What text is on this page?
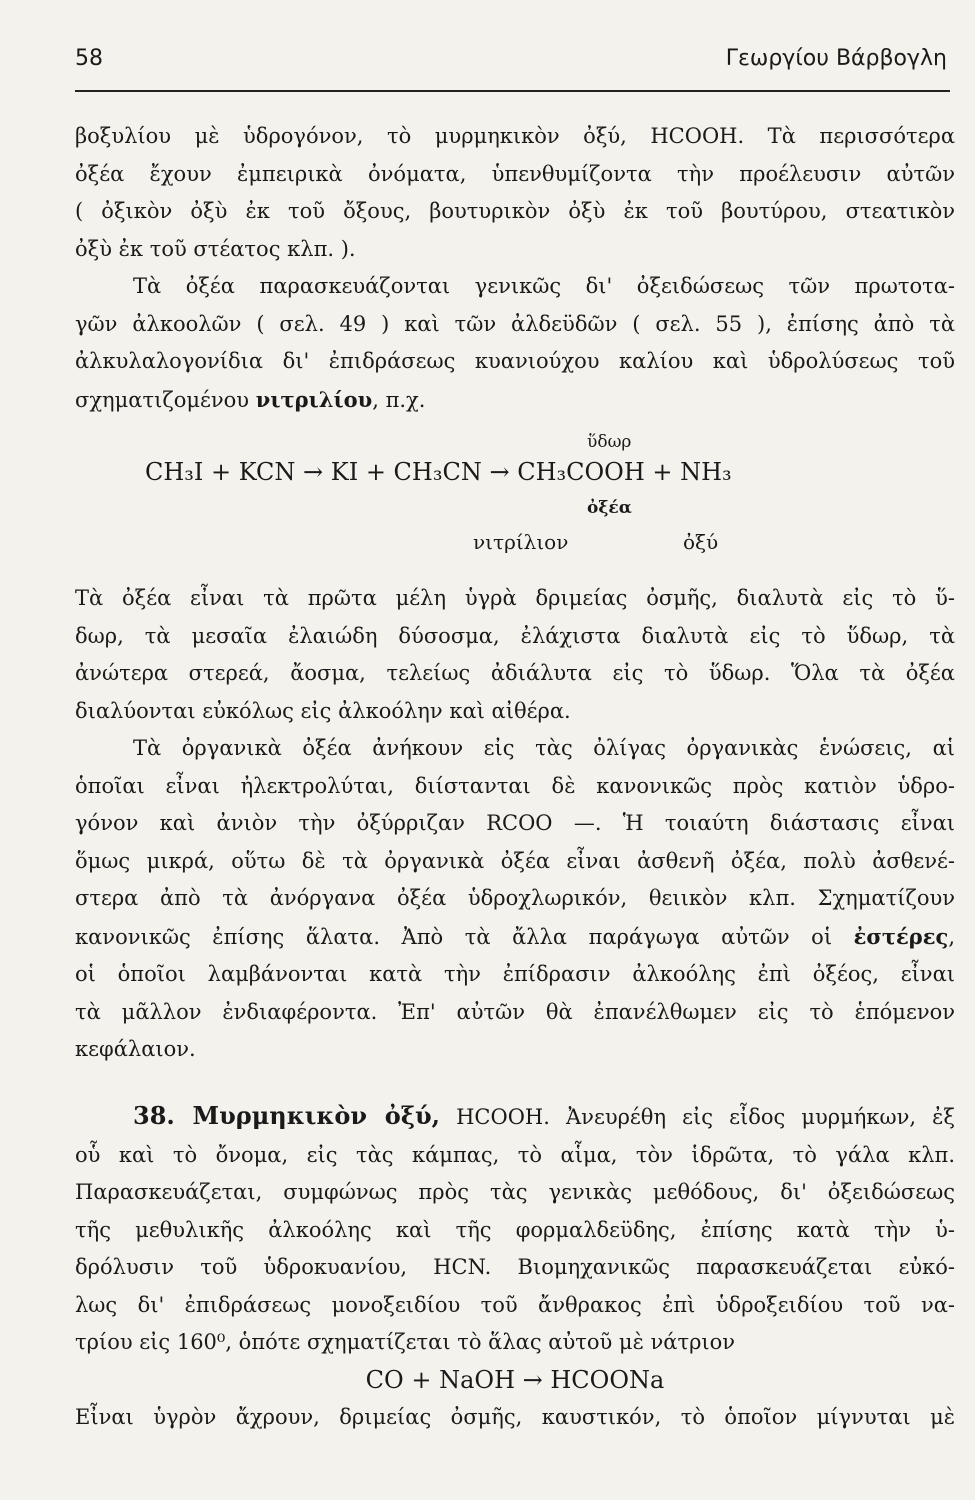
58	Γεωργίου Βάρβογλη
βοξυλίου μὲ ὑδρογόνον, τὸ μυρμηκικὸν ὀξύ, HCOOH. Τὰ περισσότερα
ὀξέα ἔχουν ἐμπειρικὰ ὀνόματα, ὑπενθυμίζοντα τὴν προέλευσιν αὐτῶν
( ὀξικὸν ὀξὺ ἐκ τοῦ ὄξους, βουτυρικὸν ὀξὺ ἐκ τοῦ βουτύρου, στεατικὸν
ὀξὺ ἐκ τοῦ στέατος κλπ. ).
Τὰ ὀξέα παρασκευάζονται γενικῶς δι' ὀξειδώσεως τῶν πρωτοτα-
γῶν ἀλκοολῶν ( σελ. 49 ) καὶ τῶν ἀλδεϋδῶν ( σελ. 55 ), ἐπίσης ἀπὸ τὰ
ἀλκυλαλογονίδια δι' ἐπιδράσεως κυανιούχου καλίου καὶ ὑδρολύσεως τοῦ
σχηματιζομένου νιτριλίου, π.χ.
ὕδωρ
CH₃I + KCN → KI + CH₃CN → CH₃COOH + NH₃
ὀξέα
νιτρίλιον	ὀξύ
Τὰ ὀξέα εἶναι τὰ πρῶτα μέλη ὑγρὰ δριμείας ὀσμῆς, διαλυτὰ εἰς τὸ ὕ-
δωρ, τὰ μεσαῖα ἐλαιώδη δύσοσμα, ἐλάχιστα διαλυτὰ εἰς τὸ ὕδωρ, τὰ
ἀνώτερα στερεά, ἄοσμα, τελείως ἀδιάλυτα εἰς τὸ ὕδωρ. Ὅλα τὰ ὀξέα
διαλύονται εὐκόλως εἰς ἀλκοόλην καὶ αἰθέρα.
Τὰ ὀργανικὰ ὀξέα ἀνήκουν εἰς τὰς ὀλίγας ὀργανικὰς ἑνώσεις, αἱ
ὁποῖαι εἶναι ἠλεκτρολύται, διίστανται δὲ κανονικῶς πρὸς κατιὸν ὑδρο-
γόνον καὶ ἀνιὸν τὴν ὀξύρριζαν RCOO —. Ἡ τοιαύτη διάστασις εἶναι
ὅμως μικρά, οὕτω δὲ τὰ ὀργανικὰ ὀξέα εἶναι ἀσθενῆ ὀξέα, πολὺ ἀσθενέ-
στερα ἀπὸ τὰ ἀνόργανα ὀξέα ὑδροχλωρικόν, θειικὸν κλπ. Σχηματίζουν
κανονικῶς ἐπίσης ἅλατα. Ἀπὸ τὰ ἄλλα παράγωγα αὐτῶν οἱ ἐστέρες,
οἱ ὁποῖοι λαμβάνονται κατὰ τὴν ἐπίδρασιν ἀλκοόλης ἐπὶ ὀξέος, εἶναι
τὰ μᾶλλον ἐνδιαφέροντα. Ἐπ' αὐτῶν θὰ ἐπανέλθωμεν εἰς τὸ ἑπόμενον
κεφάλαιον.
38. Μυρμηκικὸν ὀξύ, HCOOH. Ἀνευρέθη εἰς εἶδος μυρμήκων, ἐξ
οὗ καὶ τὸ ὄνομα, εἰς τὰς κάμπας, τὸ αἷμα, τὸν ἱδρῶτα, τὸ γάλα κλπ.
Παρασκευάζεται, συμφώνως πρὸς τὰς γενικὰς μεθόδους, δι' ὀξειδώσεως
τῆς μεθυλικῆς ἀλκοόλης καὶ τῆς φορμαλδεϋδης, ἐπίσης κατὰ τὴν ὑ-
δρόλυσιν τοῦ ὑδροκυανίου, HCN. Βιομηχανικῶς παρασκευάζεται εὐκό-
λως δι' ἐπιδράσεως μονοξειδίου τοῦ ἄνθρακος ἐπὶ ὑδροξειδίου τοῦ να-
τρίου εἰς 160⁰, ὁπότε σχηματίζεται τὸ ἅλας αὐτοῦ μὲ νάτριον
CO + NaOH → HCOONa
Εἶναι ὑγρὸν ἄχρουν, δριμείας ὀσμῆς, καυστικόν, τὸ ὁποῖον μίγνυται μὲ
